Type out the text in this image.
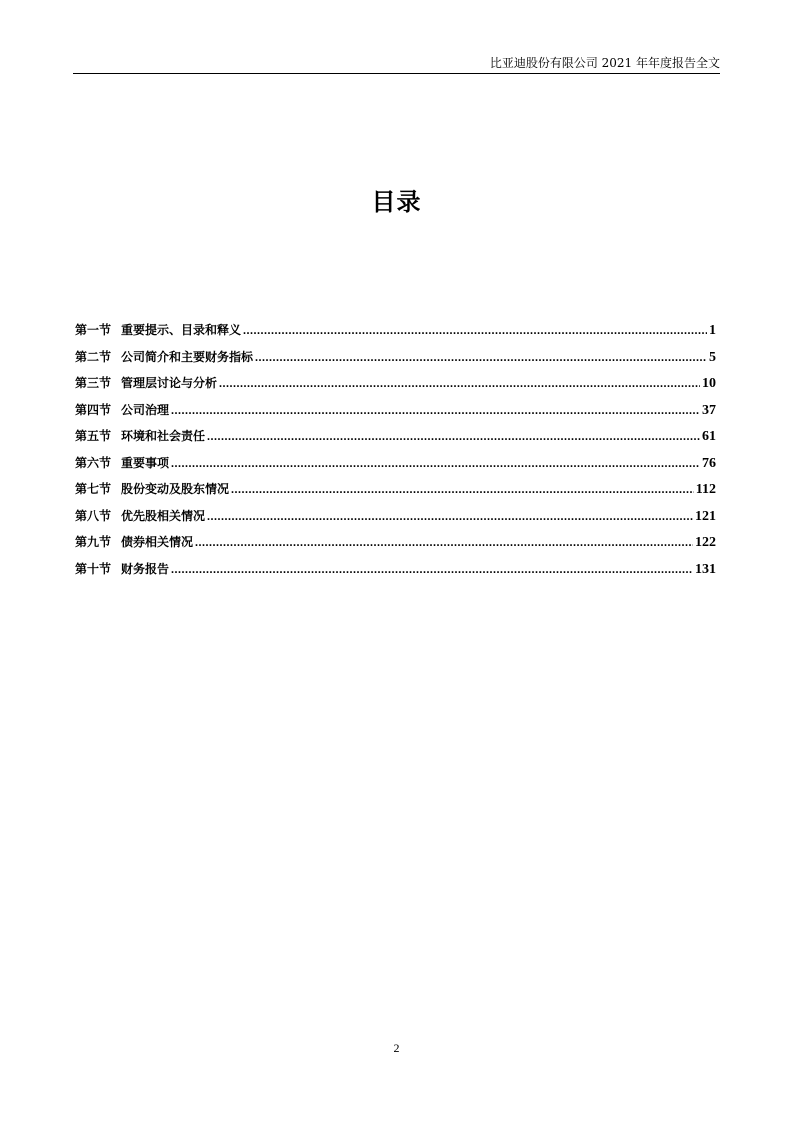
比亚迪股份有限公司 2021 年年度报告全文
目录
第一节 重要提示、目录和释义 .....	1
第二节 公司简介和主要财务指标 .....	5
第三节 管理层讨论与分析 .....	10
第四节 公司治理 .....	37
第五节 环境和社会责任 .....	61
第六节 重要事项 .....	76
第七节 股份变动及股东情况 .....	112
第八节 优先股相关情况 .....	121
第九节 债券相关情况 .....	122
第十节 财务报告 .....	131
2
